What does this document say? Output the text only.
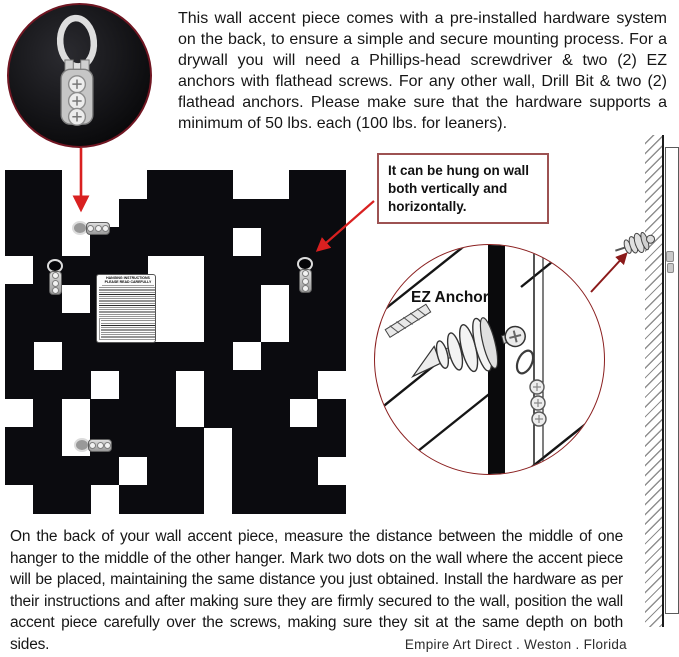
This wall accent piece comes with a pre-installed hardware system on the back, to ensure a simple and secure mounting process. For a drywall you will need a Phillips-head screwdriver & two (2) EZ anchors with flathead screws. For any other wall, Drill Bit & two (2) flathead anchors. Please make sure that the hardware supports a minimum of 50 lbs. each (100 lbs. for leaners).
It can be hung on wall both vertically and horizontally.
HANGING INSTRUCTIONS
PLEASE READ CAREFULLY
EZ Anchor
On the back of your wall accent piece, measure the distance between the middle of one hanger to the middle of the other hanger. Mark two dots on the wall where the accent piece will be placed, maintaining the same distance you just obtained. Install the hardware as per their instructions and after making sure they are firmly secured to the wall, position the wall accent piece carefully over the screws, making sure they sit at the same depth on both sides.	Empire Art Direct . Weston . Florida
